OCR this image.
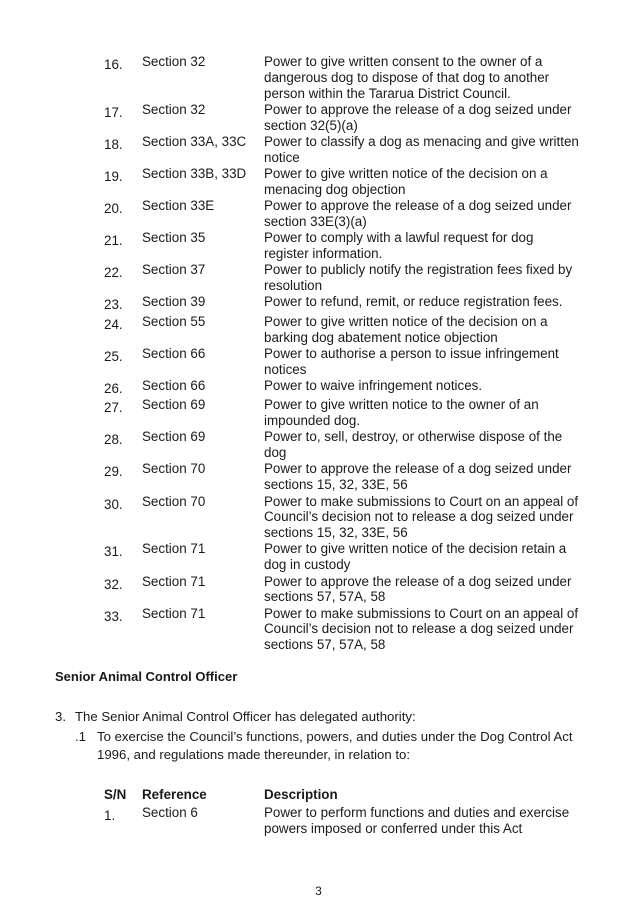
16.	Section 32	Power to give written consent to the owner of a
dangerous dog to dispose of that dog to another
person within the Tararua District Council.

17.	Section 32	Power to approve the release of a dog seized under
section 32(5)(a)

18.	Section 33A, 33C	Power to classify a dog as menacing and give written
notice

19.	Section 33B, 33D	Power to give written notice of the decision on a
menacing dog objection

20.	Section 33E	Power to approve the release of a dog seized under
section 33E(3)(a)

21.	Section 35	Power to comply with a lawful request for dog
register information.

22.	Section 37	Power to publicly notify the registration fees fixed by
resolution

23.	Section 39	Power to refund, remit, or reduce registration fees.

24.	Section 55	Power to give written notice of the decision on a
barking dog abatement notice objection

25.	Section 66	Power to authorise a person to issue infringement
notices

26.	Section 66	Power to waive infringement notices.

27.	Section 69	Power to give written notice to the owner of an
impounded dog.

28.	Section 69	Power to, sell, destroy, or otherwise dispose of the
dog

29.	Section 70	Power to approve the release of a dog seized under
sections 15, 32, 33E, 56

30.	Section 70	Power to make submissions to Court on an appeal of
Council’s decision not to release a dog seized under
sections 15, 32, 33E, 56

31.	Section 71	Power to give written notice of the decision retain a
dog in custody

32.	Section 71	Power to approve the release of a dog seized under
sections 57, 57A, 58

33.	Section 71	Power to make submissions to Court on an appeal of
Council’s decision not to release a dog seized under
sections 57, 57A, 58
Senior Animal Control Officer
3. The Senior Animal Control Officer has delegated authority:
.1 To exercise the Council’s functions, powers, and duties under the Dog Control Act
1996, and regulations made thereunder, in relation to:
S/N	Reference	Description
1.	Section 6	Power to perform functions and duties and exercise
powers imposed or conferred under this Act
3
